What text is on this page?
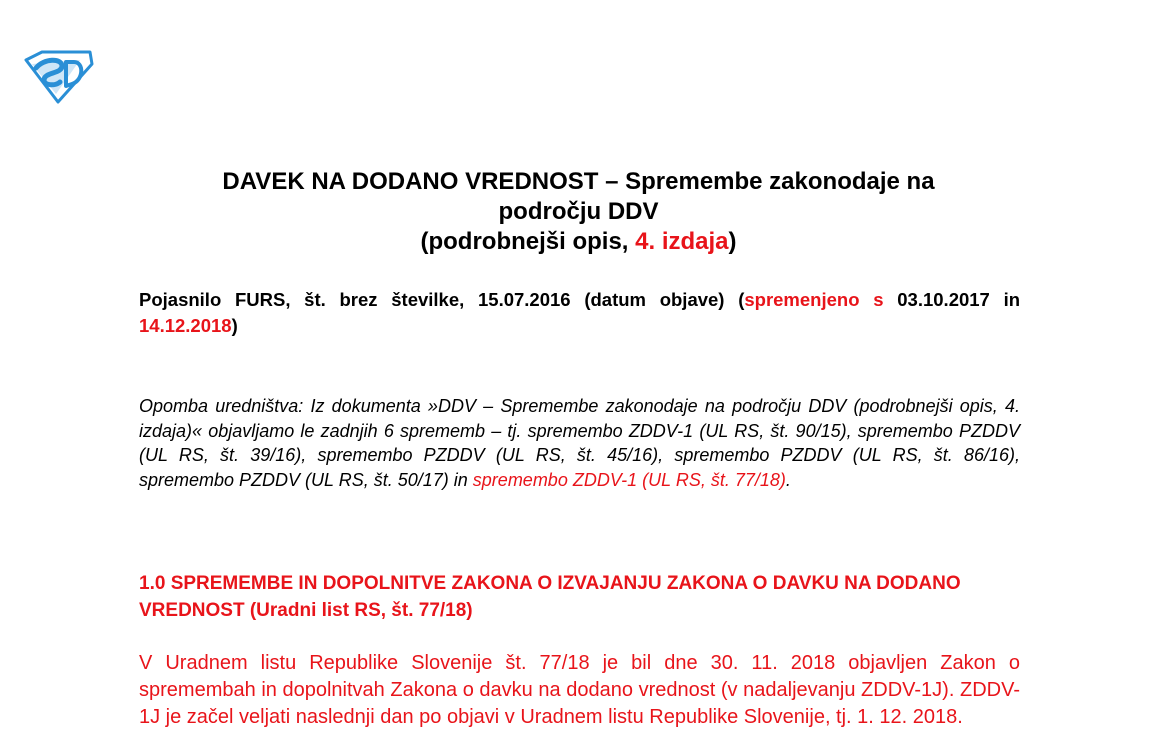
DAVEK NA DODANO VREDNOST – Spremembe zakonodaje na
področju DDV
(podrobnejši opis, 4. izdaja)
Pojasnilo FURS, št. brez številke, 15.07.2016 (datum objave) (spremenjeno s 03.10.2017 in 14.12.2018)
Opomba uredništva: Iz dokumenta »DDV – Spremembe zakonodaje na področju DDV (podrobnejši opis, 4. izdaja)« objavljamo le zadnjih 6 sprememb – tj. spremembo ZDDV-1 (UL RS, št. 90/15), spremembo PZDDV (UL RS, št. 39/16), spremembo PZDDV (UL RS, št. 45/16), spremembo PZDDV (UL RS, št. 86/16), spremembo PZDDV (UL RS, št. 50/17) in spremembo ZDDV-1 (UL RS, št. 77/18).
1.0 SPREMEMBE IN DOPOLNITVE ZAKONA O IZVAJANJU ZAKONA O DAVKU NA DODANO VREDNOST (Uradni list RS, št. 77/18)
V Uradnem listu Republike Slovenije št. 77/18 je bil dne 30. 11. 2018 objavljen Zakon o spremembah in dopolnitvah Zakona o davku na dodano vrednost (v nadaljevanju ZDDV-1J). ZDDV-1J je začel veljati naslednji dan po objavi v Uradnem listu Republike Slovenije, tj. 1. 12. 2018.
